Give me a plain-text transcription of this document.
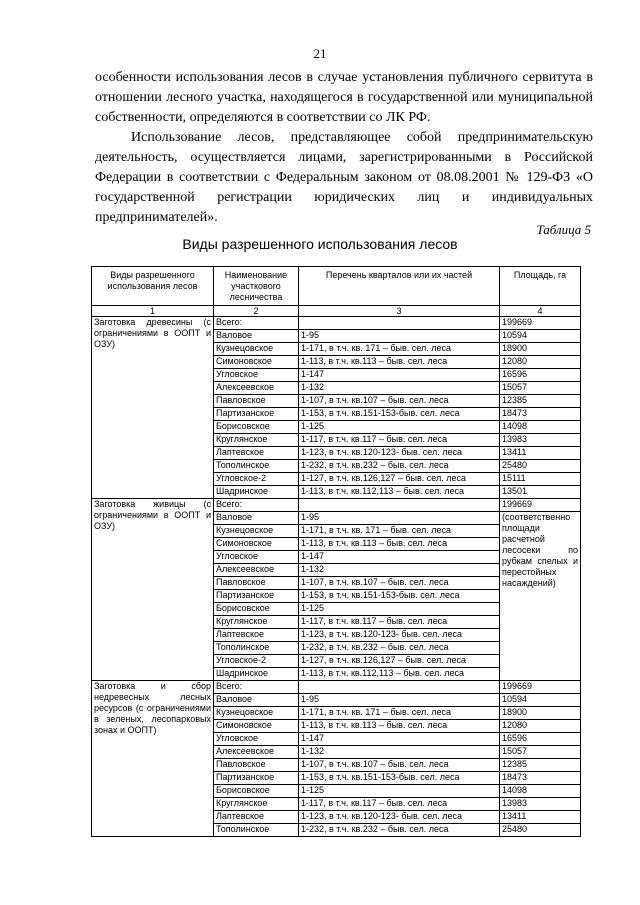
21

особенности использования лесов в случае установления публичного сервитута в отношении лесного участка, находящегося в государственной или муниципальной собственности, определяются в соответствии со ЛК РФ.

Использование лесов, представляющее собой предпринимательскую деятельность, осуществляется лицами, зарегистрированными в Российской Федерации в соответствии с Федеральным законом от 08.08.2001 № 129-ФЗ «О государственной регистрации юридических лиц и индивидуальных предпринимателей».

Таблица 5
Виды разрешенного использования лесов
Виды разрешенного использования лесов	Наименование участкового лесничества	Перечень кварталов или их частей	Площадь, га
1	2	3	4
Заготовка древесины (с ограничениями в ООПТ и ОЗУ)	Всего:		199669
	Валовое	1-95	10594
	Кузнецовское	1-171, в т.ч. кв. 171 – быв. сел. леса	18900
	Симоновское	1-113, в т.ч. кв.113 – быв. сел. леса	12080
	Угловское	1-147	16596
	Алексеевское	1-132	15057
	Павловское	1-107, в т.ч. кв.107 – быв. сел. леса	12385
	Партизанское	1-153, в т.ч. кв.151-153-быв. сел. леса	18473
	Борисовское	1-125	14098
	Круглянское	1-117, в т.ч. кв.117 – быв. сел. леса	13983
	Лаптевское	1-123, в т.ч. кв.120-123- быв. сел. леса	13411
	Тополинское	1-232, в т.ч. кв.232 – быв. сел. леса	25480
	Угловское-2	1-127, в т.ч. кв.126,127 – быв. сел. леса	15111
	Шадринское	1-113, в т.ч. кв.112,113 – быв. сел. леса	13501
Заготовка живицы (с ограничениями в ООПТ и ОЗУ)	Всего:		199669
	Валовое	1-95	(соответственно площади расчетной лесосеки по рубкам спелых и перестойных насаждений)
	Кузнецовское	1-171, в т.ч. кв. 171 – быв. сел. леса	
	Симоновское	1-113, в т.ч. кв.113 – быв. сел. леса	
	Угловское	1-147	
	Алексеевское	1-132	
	Павловское	1-107, в т.ч. кв.107 – быв. сел. леса	
	Партизанское	1-153, в т.ч. кв.151-153-быв. сел. леса	
	Борисовское	1-125	
	Круглянское	1-117, в т.ч. кв.117 – быв. сел. леса	
	Лаптевское	1-123, в т.ч. кв.120-123- быв. сел. леса	
	Тополинское	1-232, в т.ч. кв.232 – быв. сел. леса	
	Угловское-2	1-127, в т.ч. кв.126,127 – быв. сел. леса	
	Шадринское	1-113, в т.ч. кв.112,113 – быв. сел. леса	
Заготовка и сбор недревесных лесных ресурсов (с ограничениями в зеленых, лесопарковых зонах и ООПТ)	Всего:		199669
	Валовое	1-95	10594
	Кузнецовское	1-171, в т.ч. кв. 171 – быв. сел. леса	18900
	Симоновское	1-113, в т.ч. кв.113 – быв. сел. леса	12080
	Угловское	1-147	16596
	Алексеевское	1-132	15057
	Павловское	1-107, в т.ч. кв.107 – быв. сел. леса	12385
	Партизанское	1-153, в т.ч. кв.151-153-быв. сел. леса	18473
	Борисовское	1-125	14098
	Круглянское	1-117, в т.ч. кв.117 – быв. сел. леса	13983
	Лаптевское	1-123, в т.ч. кв.120-123- быв. сел. леса	13411
	Тополинское	1-232, в т.ч. кв.232 – быв. сел. леса	25480
